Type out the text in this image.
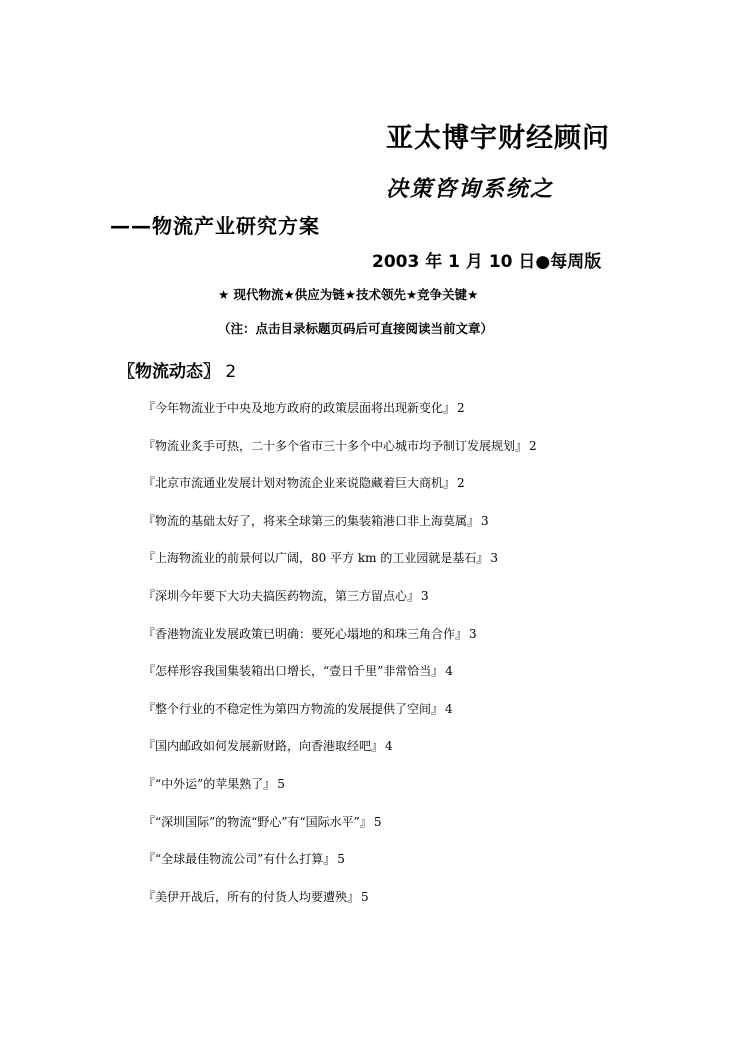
亚太博宇财经顾问
决策咨询系统之
——物流产业研究方案
2003 年 1 月 10 日●每周版
★ 现代物流★供应为链★技术领先★竞争关键★
（注：点击目录标题页码后可直接阅读当前文章）
〖物流动态〗 2
『今年物流业于中央及地方政府的政策层面将出现新变化』 2
『物流业炙手可热，二十多个省市三十多个中心城市均予制订发展规划』 2
『北京市流通业发展计划对物流企业来说隐藏着巨大商机』 2
『物流的基础太好了，将来全球第三的集装箱港口非上海莫属』 3
『上海物流业的前景何以广阔，80 平方 km 的工业园就是基石』 3
『深圳今年要下大功夫搞医药物流，第三方留点心』 3
『香港物流业发展政策已明确：要死心塌地的和珠三角合作』 3
『怎样形容我国集装箱出口增长，“壹日千里”非常恰当』 4
『整个行业的不稳定性为第四方物流的发展提供了空间』 4
『国内邮政如何发展新财路，向香港取经吧』 4
『“中外运”的苹果熟了』 5
『“深圳国际”的物流“野心”有“国际水平”』 5
『“全球最佳物流公司”有什么打算』 5
『美伊开战后，所有的付货人均要遭殃』 5
